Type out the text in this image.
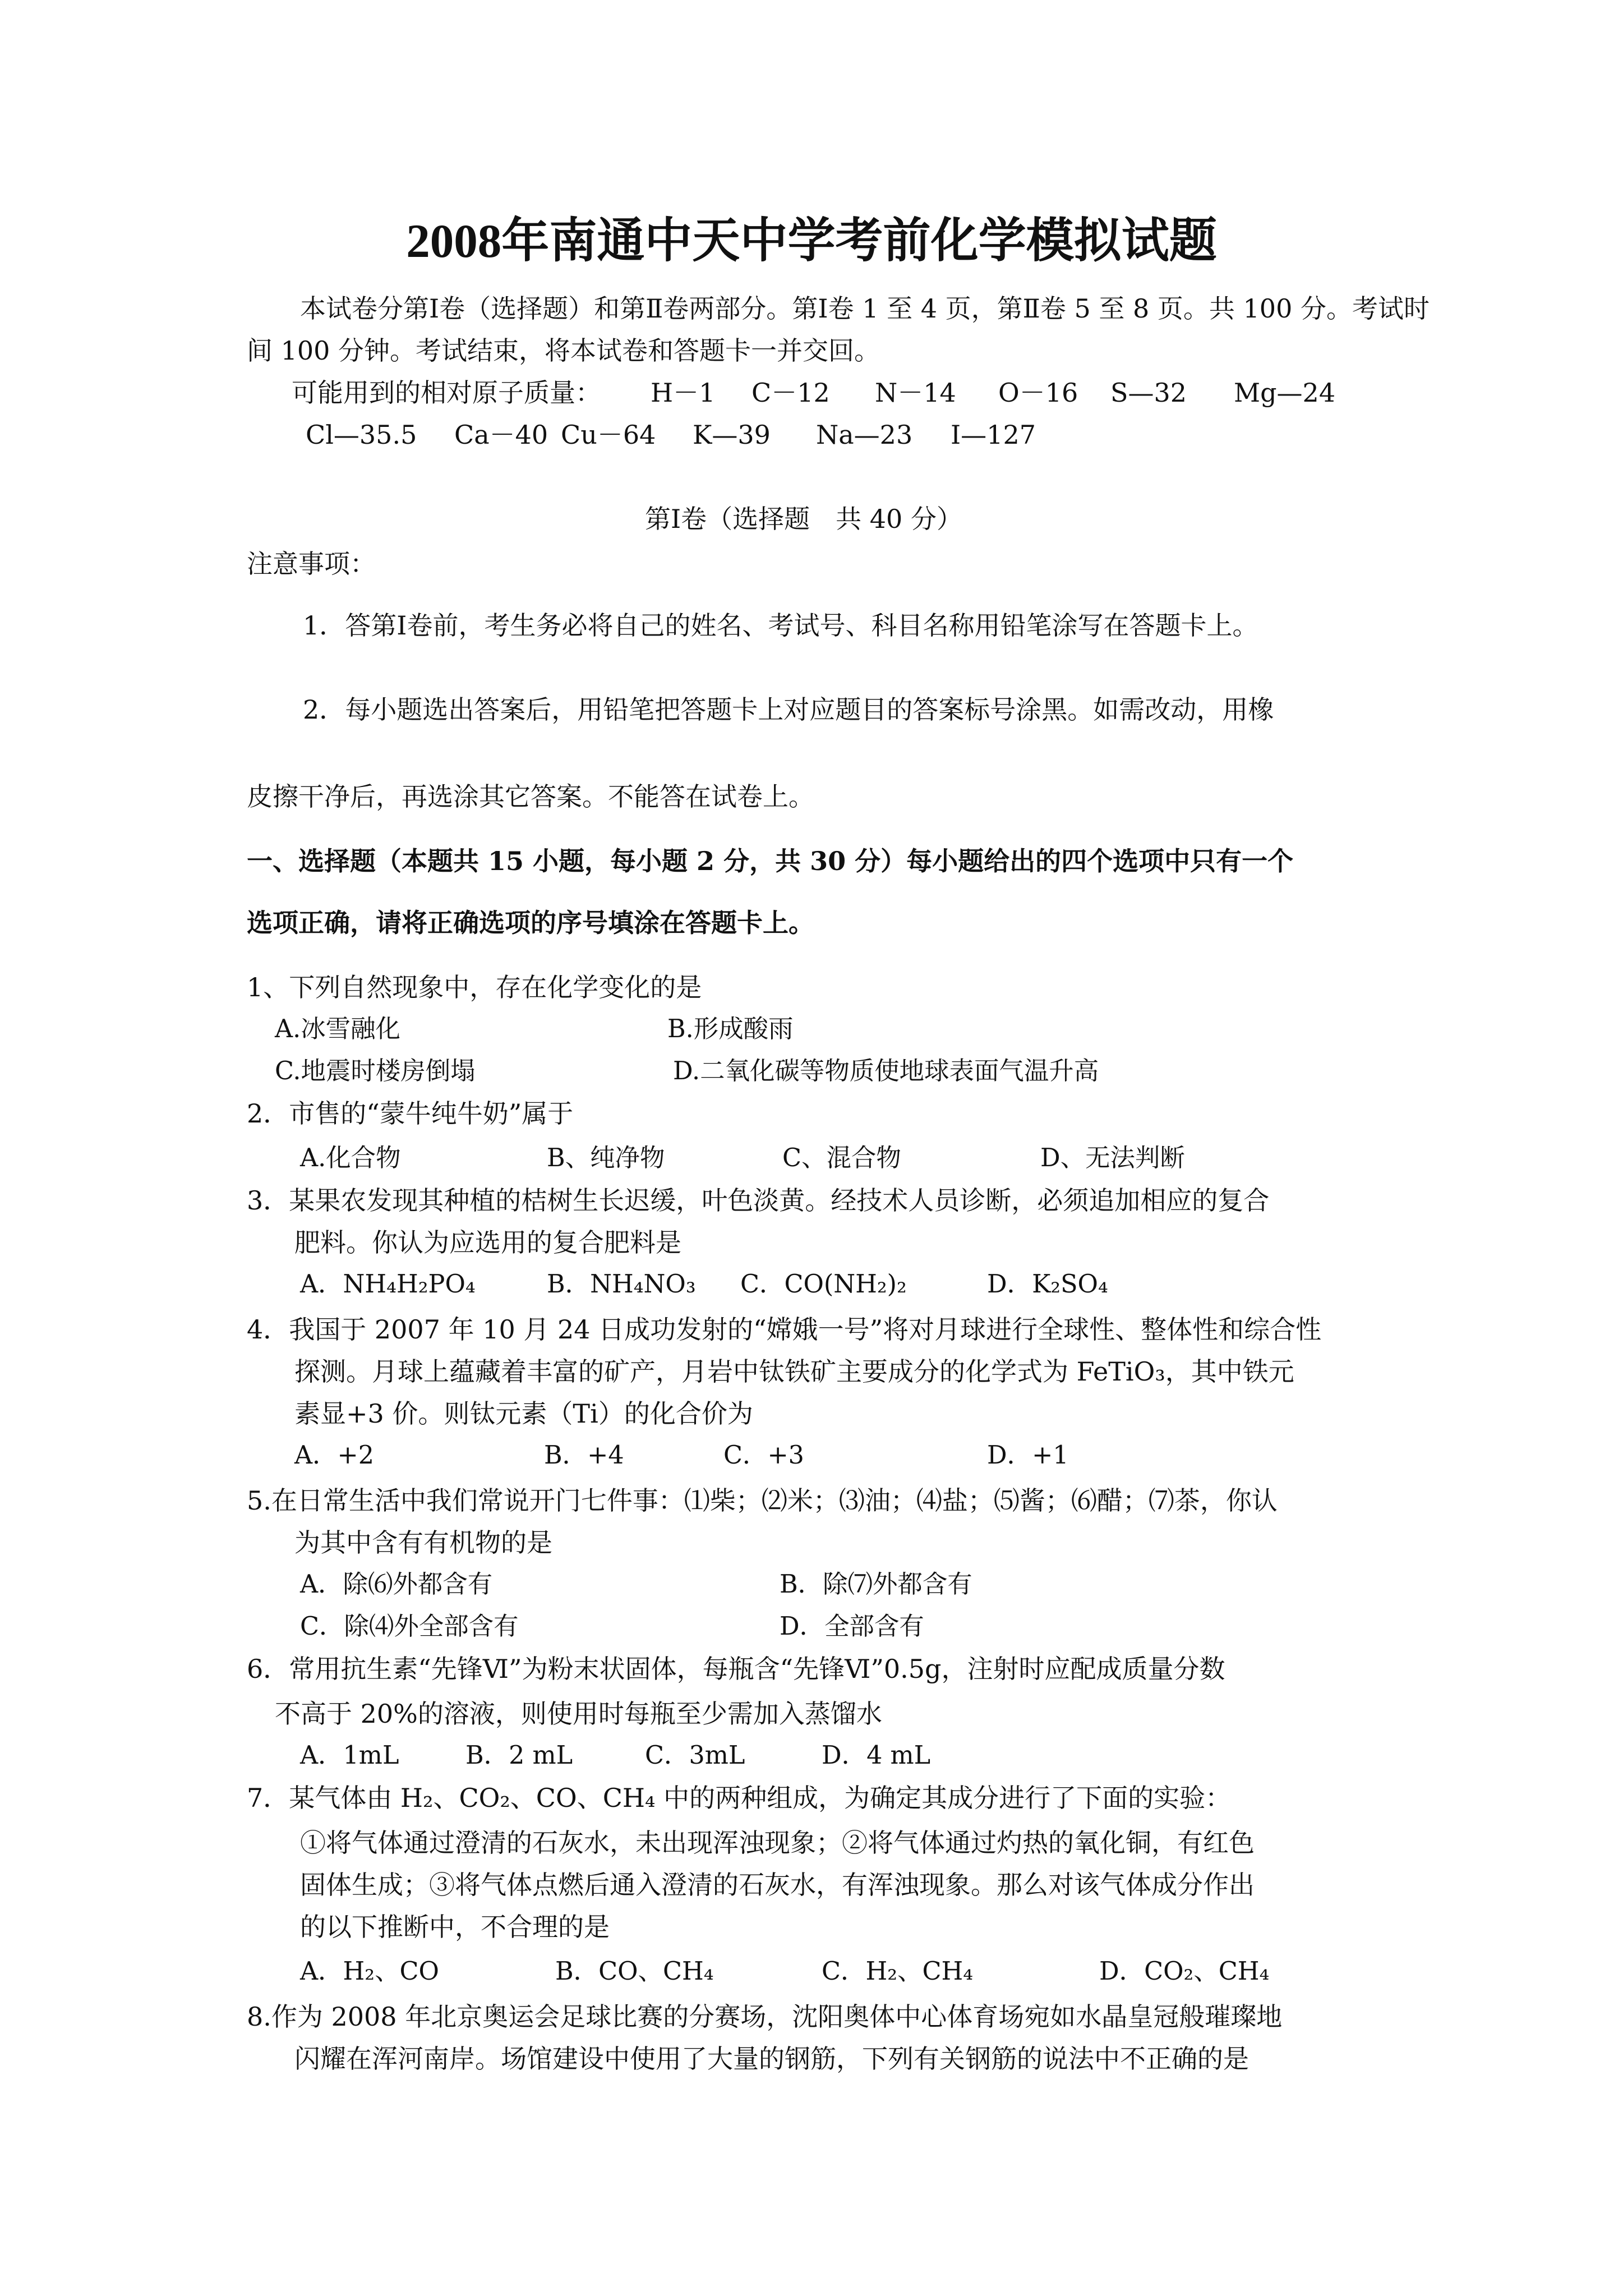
2008年南通中天中学考前化学模拟试题
本试卷分第Ⅰ卷（选择题）和第Ⅱ卷两部分。第Ⅰ卷 1 至 4 页，第Ⅱ卷 5 至 8 页。共 100 分。考试时
间 100 分钟。考试结束，将本试卷和答题卡一并交回。
可能用到的相对原子质量： H－1 C－12 N－14 O－16 S—32 Mg—24
Cl—35.5 Ca－40 Cu－64 K—39 Na—23 I—127
第Ⅰ卷（选择题　共 40 分）
注意事项：
1．答第Ⅰ卷前，考生务必将自己的姓名、考试号、科目名称用铅笔涂写在答题卡上。
2．每小题选出答案后，用铅笔把答题卡上对应题目的答案标号涂黑。如需改动，用橡
皮擦干净后，再选涂其它答案。不能答在试卷上。
一、选择题（本题共 15 小题，每小题 2 分，共 30 分）每小题给出的四个选项中只有一个
选项正确，请将正确选项的序号填涂在答题卡上。
1、下列自然现象中，存在化学变化的是
A.冰雪融化	B.形成酸雨
C.地震时楼房倒塌	D.二氧化碳等物质使地球表面气温升高
2．市售的“蒙牛纯牛奶”属于
A.化合物	B、纯净物	C、混合物	D、无法判断
3．某果农发现其种植的桔树生长迟缓，叶色淡黄。经技术人员诊断，必须追加相应的复合
肥料。你认为应选用的复合肥料是
A．NH₄H₂PO₄	B．NH₄NO₃ C．CO(NH₂)₂	D．K₂SO₄
4．我国于 2007 年 10 月 24 日成功发射的“嫦娥一号”将对月球进行全球性、整体性和综合性
探测。月球上蕴藏着丰富的矿产，月岩中钛铁矿主要成分的化学式为 FeTiO₃，其中铁元
素显+3 价。则钛元素（Ti）的化合价为
A．+2	B．+4	C．+3	D．+1
5.在日常生活中我们常说开门七件事：⑴柴；⑵米；⑶油；⑷盐；⑸酱；⑹醋；⑺茶，你认
为其中含有有机物的是
A．除⑹外都含有	B．除⑺外都含有
C．除⑷外全部含有	D．全部含有
6．常用抗生素“先锋Ⅵ”为粉末状固体，每瓶含“先锋Ⅵ”0.5g，注射时应配成质量分数
不高于 20%的溶液，则使用时每瓶至少需加入蒸馏水
A．1mL	B．2 mL	C．3mL	D．4 mL
7．某气体由 H₂、CO₂、CO、CH₄ 中的两种组成，为确定其成分进行了下面的实验：
①将气体通过澄清的石灰水，未出现浑浊现象；②将气体通过灼热的氧化铜，有红色
固体生成；③将气体点燃后通入澄清的石灰水，有浑浊现象。那么对该气体成分作出
的以下推断中，不合理的是
A．H₂、CO	B．CO、CH₄	C．H₂、CH₄	D．CO₂、CH₄
8.作为 2008 年北京奥运会足球比赛的分赛场，沈阳奥体中心体育场宛如水晶皇冠般璀璨地
闪耀在浑河南岸。场馆建设中使用了大量的钢筋，下列有关钢筋的说法中不正确的是
